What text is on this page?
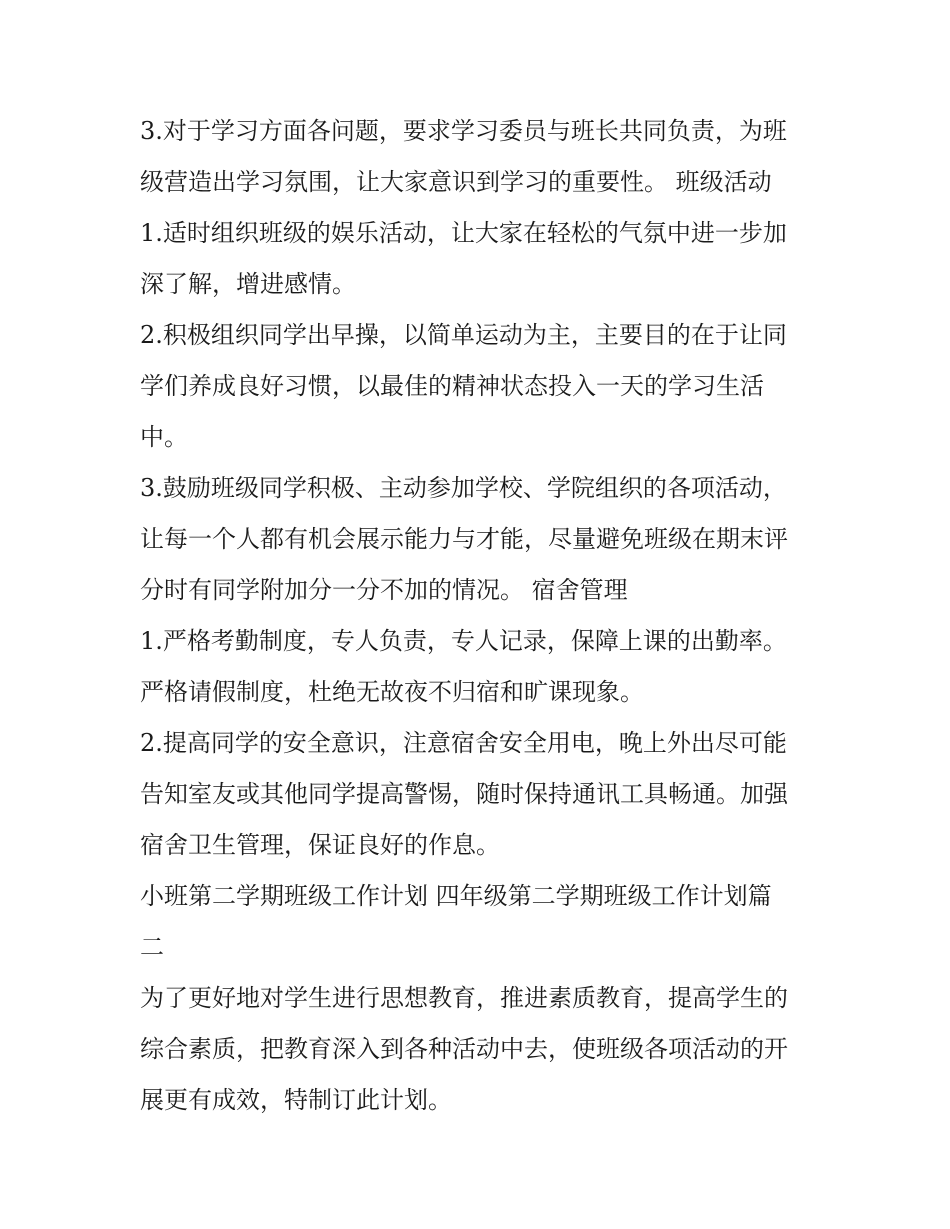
3.对于学习方面各问题，要求学习委员与班长共同负责，为班
级营造出学习氛围，让大家意识到学习的重要性。 班级活动
1.适时组织班级的娱乐活动，让大家在轻松的气氛中进一步加
深了解，增进感情。
2.积极组织同学出早操，以简单运动为主，主要目的在于让同
学们养成良好习惯，以最佳的精神状态投入一天的学习生活
中。
3.鼓励班级同学积极、主动参加学校、学院组织的各项活动，
让每一个人都有机会展示能力与才能，尽量避免班级在期末评
分时有同学附加分一分不加的情况。 宿舍管理
1.严格考勤制度，专人负责，专人记录，保障上课的出勤率。
严格请假制度，杜绝无故夜不归宿和旷课现象。
2.提高同学的安全意识，注意宿舍安全用电，晚上外出尽可能
告知室友或其他同学提高警惕，随时保持通讯工具畅通。加强
宿舍卫生管理，保证良好的作息。
小班第二学期班级工作计划 四年级第二学期班级工作计划篇
二
为了更好地对学生进行思想教育，推进素质教育，提高学生的
综合素质，把教育深入到各种活动中去，使班级各项活动的开
展更有成效，特制订此计划。
